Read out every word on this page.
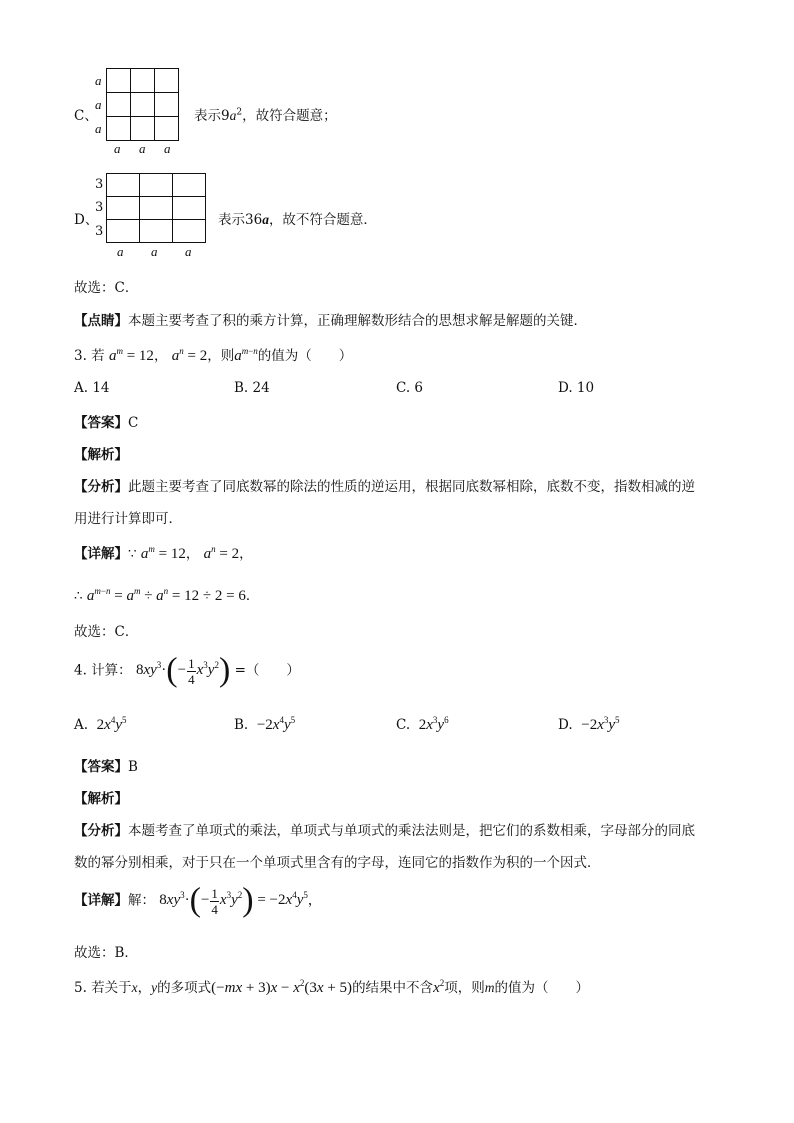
C、

a
a
a
a a a
表示$9a^2$，故符合题意；
D、

3
3
3
a a a
表示36a，故不符合题意．
故选：C．
【点睛】本题主要考查了积的乘方计算，正确理解数形结合的思想求解是解题的关键．
3. 若 $a^m = 12$， $a^n = 2$，则$a^{m-n}$的值为（　　）
A. 14	B. 24	C. 6	D. 10
【答案】C
【解析】
【分析】此题主要考查了同底数幂的除法的性质的逆运用，根据同底数幂相除，底数不变，指数相减的逆
用进行计算即可．
【详解】∵ $a^m = 12$， $a^n = 2$，
∴ $a^{m-n} = a^m \div a^n = 12 \div 2 = 6$．
故选：C．
4. 计算： $8xy^3\cdot(- \frac{1}{4} x^3y^2)$ =（　　）
A. $2x^4y^5$	B. $-2x^4y^5$	C. $2x^3y^6$	D. $-2x^3y^5$
【答案】B
【解析】
【分析】本题考查了单项式的乘法，单项式与单项式的乘法法则是，把它们的系数相乘，字母部分的同底
数的幂分别相乘，对于只在一个单项式里含有的字母，连同它的指数作为积的一个因式．
【详解】解： $8xy^3\cdot(- \frac{1}{4} x^3y^2) = -2x^4y^5$，
故选：B．
5. 若关于x，y的多项式$(-mx + 3)x - x^2(3x + 5)$的结果中不含$x^2$项，则m的值为（　　）
